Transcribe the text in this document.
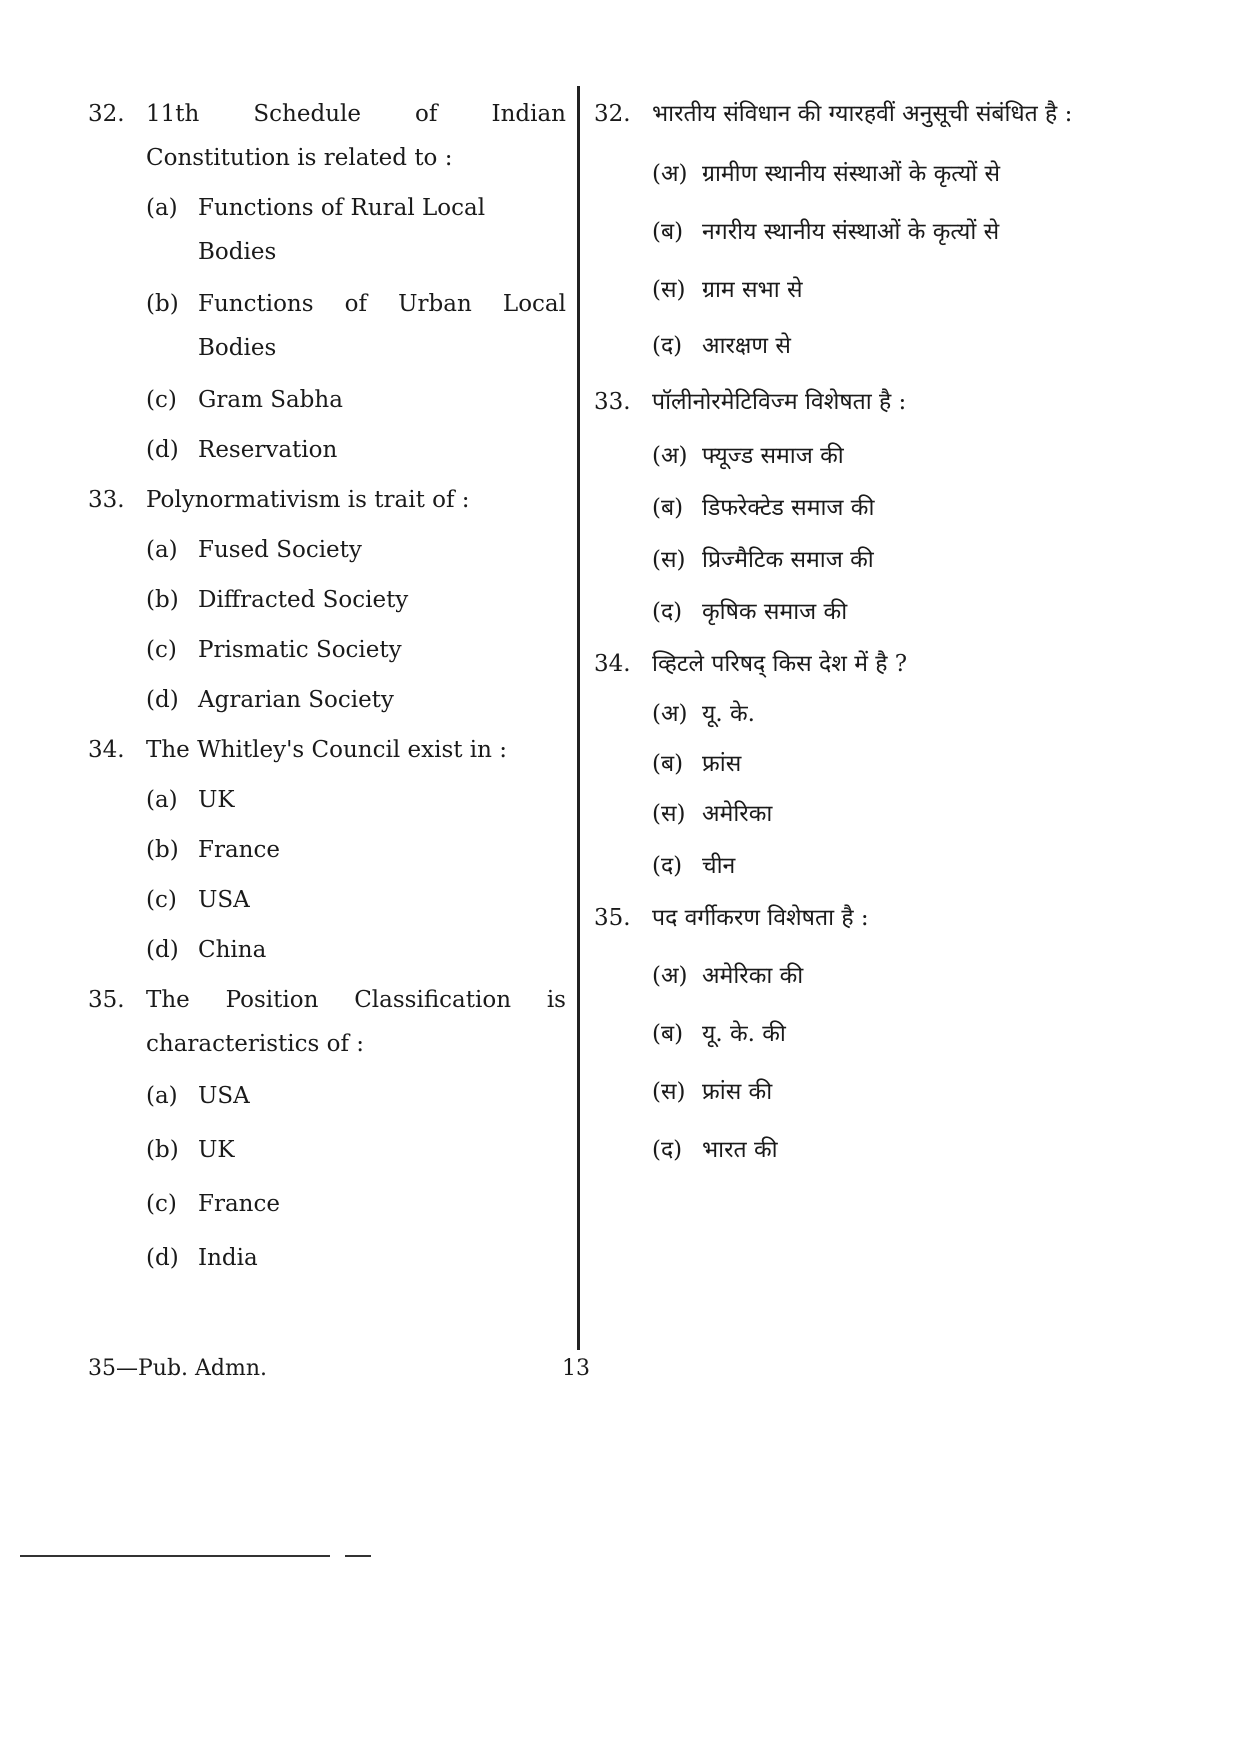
32. 11th Schedule of Indian Constitution is related to :
(a) Functions of Rural Local Bodies
(b) Functions of Urban Local Bodies
(c) Gram Sabha
(d) Reservation
33. Polynormativism is trait of :
(a) Fused Society
(b) Diffracted Society
(c) Prismatic Society
(d) Agrarian Society
34. The Whitley's Council exist in :
(a) UK
(b) France
(c) USA
(d) China
35. The Position Classification is characteristics of :
(a) USA
(b) UK
(c) France
(d) India
32. भारतीय संविधान की ग्यारहवीं अनुसूची संबंधित है :
(अ) ग्रामीण स्थानीय संस्थाओं के कृत्यों से
(ब) नगरीय स्थानीय संस्थाओं के कृत्यों से
(स) ग्राम सभा से
(द) आरक्षण से
33. पॉलीनोरमेटिविज्म विशेषता है :
(अ) फ्यूज्ड समाज की
(ब) डिफरेक्टेड समाज की
(स) प्रिज्मैटिक समाज की
(द) कृषिक समाज की
34. व्हिटले परिषद् किस देश में है ?
(अ) यू. के.
(ब) फ्रांस
(स) अमेरिका
(द) चीन
35. पद वर्गीकरण विशेषता है :
(अ) अमेरिका की
(ब) यू. के. की
(स) फ्रांस की
(द) भारत की
35—Pub. Admn.	13
